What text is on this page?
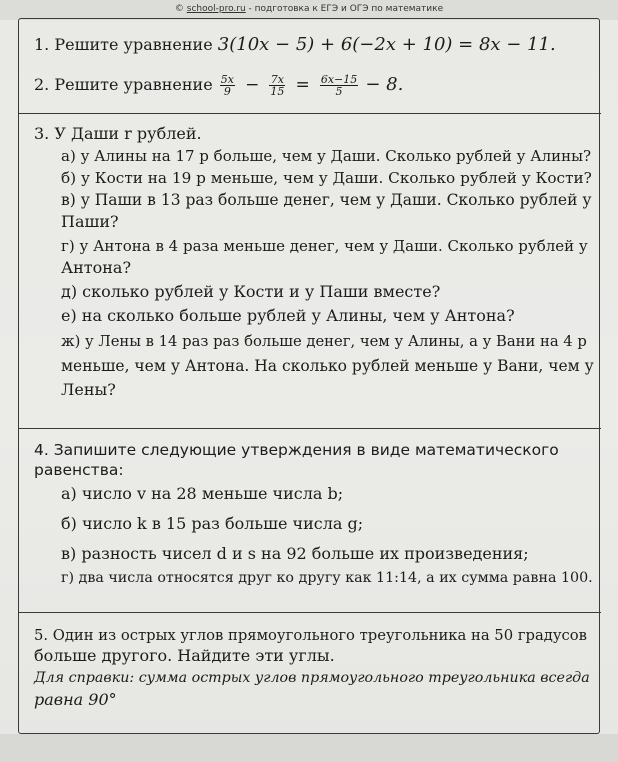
© school-pro.ru - подготовка к ЕГЭ и ОГЭ по математике
1. Решите уравнение 3(10x − 5) + 6(−2x + 10) = 8x − 11.
2. Решите уравнение $\frac{5x}{9} - \frac{7x}{15} = \frac{6x-15}{5} - 8$.
3. У Даши r рублей.
а) у Алины на 17 р больше, чем у Даши. Сколько рублей у Алины?
б) у Кости на 19 р меньше, чем у Даши. Сколько рублей у Кости?
в) у Паши в 13 раз больше денег, чем у Даши. Сколько рублей у
Паши?
г) у Антона в 4 раза меньше денег, чем у Даши. Сколько рублей у
Антона?
д) сколько рублей у Кости и у Паши вместе?
е) на сколько больше рублей у Алины, чем у Антона?
ж) у Лены в 14 раз раз больше денег, чем у Алины, а у Вани на 4 р
меньше, чем у Антона. На сколько рублей меньше у Вани, чем у
Лены?
4. Запишите следующие утверждения в виде математического
равенства:
а) число v на 28 меньше числа b;
б) число k в 15 раз больше числа g;
в) разность чисел d и s на 92 больше их произведения;
г) два числа относятся друг ко другу как 11:14, а их сумма равна 100.
5. Один из острых углов прямоугольного треугольника на 50 градусов
больше другого. Найдите эти углы.
Для справки: сумма острых углов прямоугольного треугольника всегда
равна 90°
